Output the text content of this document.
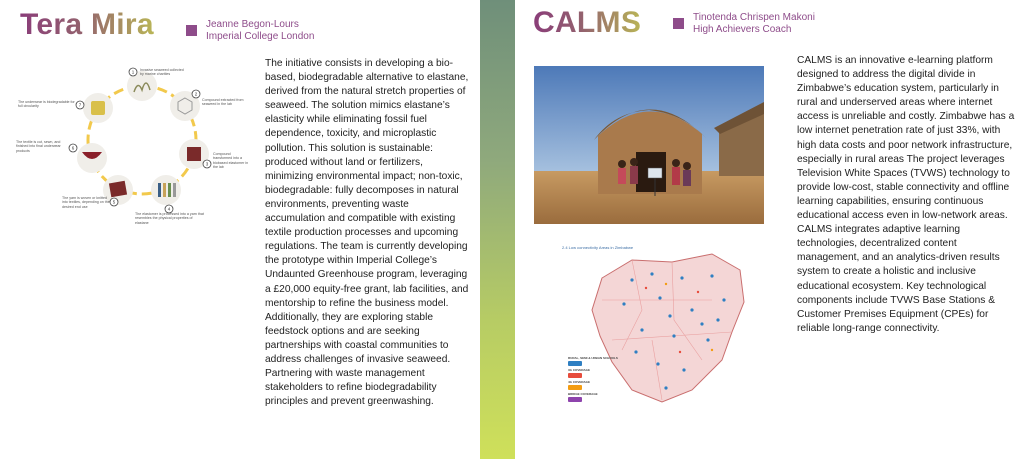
Tera Mira	Jeanne Begon-Lours
Imperial College London
1
2
3
4
5
6
7
Invasive seaweed collected by marine charities
Compound extracted from seaweed in the lab
Compound transformed into a biobased elastomer in the lab
The elastomer is processed into a yarn that resembles the physical properties of elastane
The yarn is woven or knitted into textiles, depending on the desired end use
The textile is cut, sewn, and finished into final underwear products
The underwear is biodegradable for full circularity
The initiative consists in developing a bio-based, biodegradable alternative to elastane, derived from the natural stretch properties of seaweed. The solution mimics elastane’s elasticity while eliminating fossil fuel dependence, toxicity, and microplastic pollution. This solution is sustainable: produced without land or fertilizers, minimizing environmental impact; non-toxic, biodegradable: fully decomposes in natural environments, preventing waste accumulation and compatible with existing textile production processes and upcoming regulations. The team is currently developing the prototype within Imperial College’s Undaunted Greenhouse program, leveraging a £20,000 equity-free grant, lab facilities, and mentorship to refine the business model. Additionally, they are exploring stable feedstock options and are seeking partnerships with coastal communities to address challenges of invasive seaweed. Partnering with waste management stakeholders to refine biodegradability principles and prevent greenwashing.
CALMS	Tinotenda Chrispen Makoni
High Achievers Coach
2.4 Low connectivity Areas in Zimbabwe
RURAL, SEMI & URBAN SCHOOLS
3G COVERAGE
4G COVERAGE
BRIDGE COVERAGE
CALMS is an innovative e-learning platform designed to address the digital divide in Zimbabwe’s education system, particularly in rural and underserved areas where internet access is unreliable and costly. Zimbabwe has a low internet penetration rate of just 33%, with high data costs and poor network infrastructure, especially in rural areas The project leverages Television White Spaces (TVWS) technology to provide low-cost, stable connectivity and offline learning capabilities, ensuring continuous educational access even in low-network areas. CALMS integrates adaptive learning technologies, decentralized content management, and an analytics-driven results system to create a holistic and inclusive educational ecosystem. Key technological components include TVWS Base Stations & Customer Premises Equipment (CPEs) for reliable long-range connectivity.
